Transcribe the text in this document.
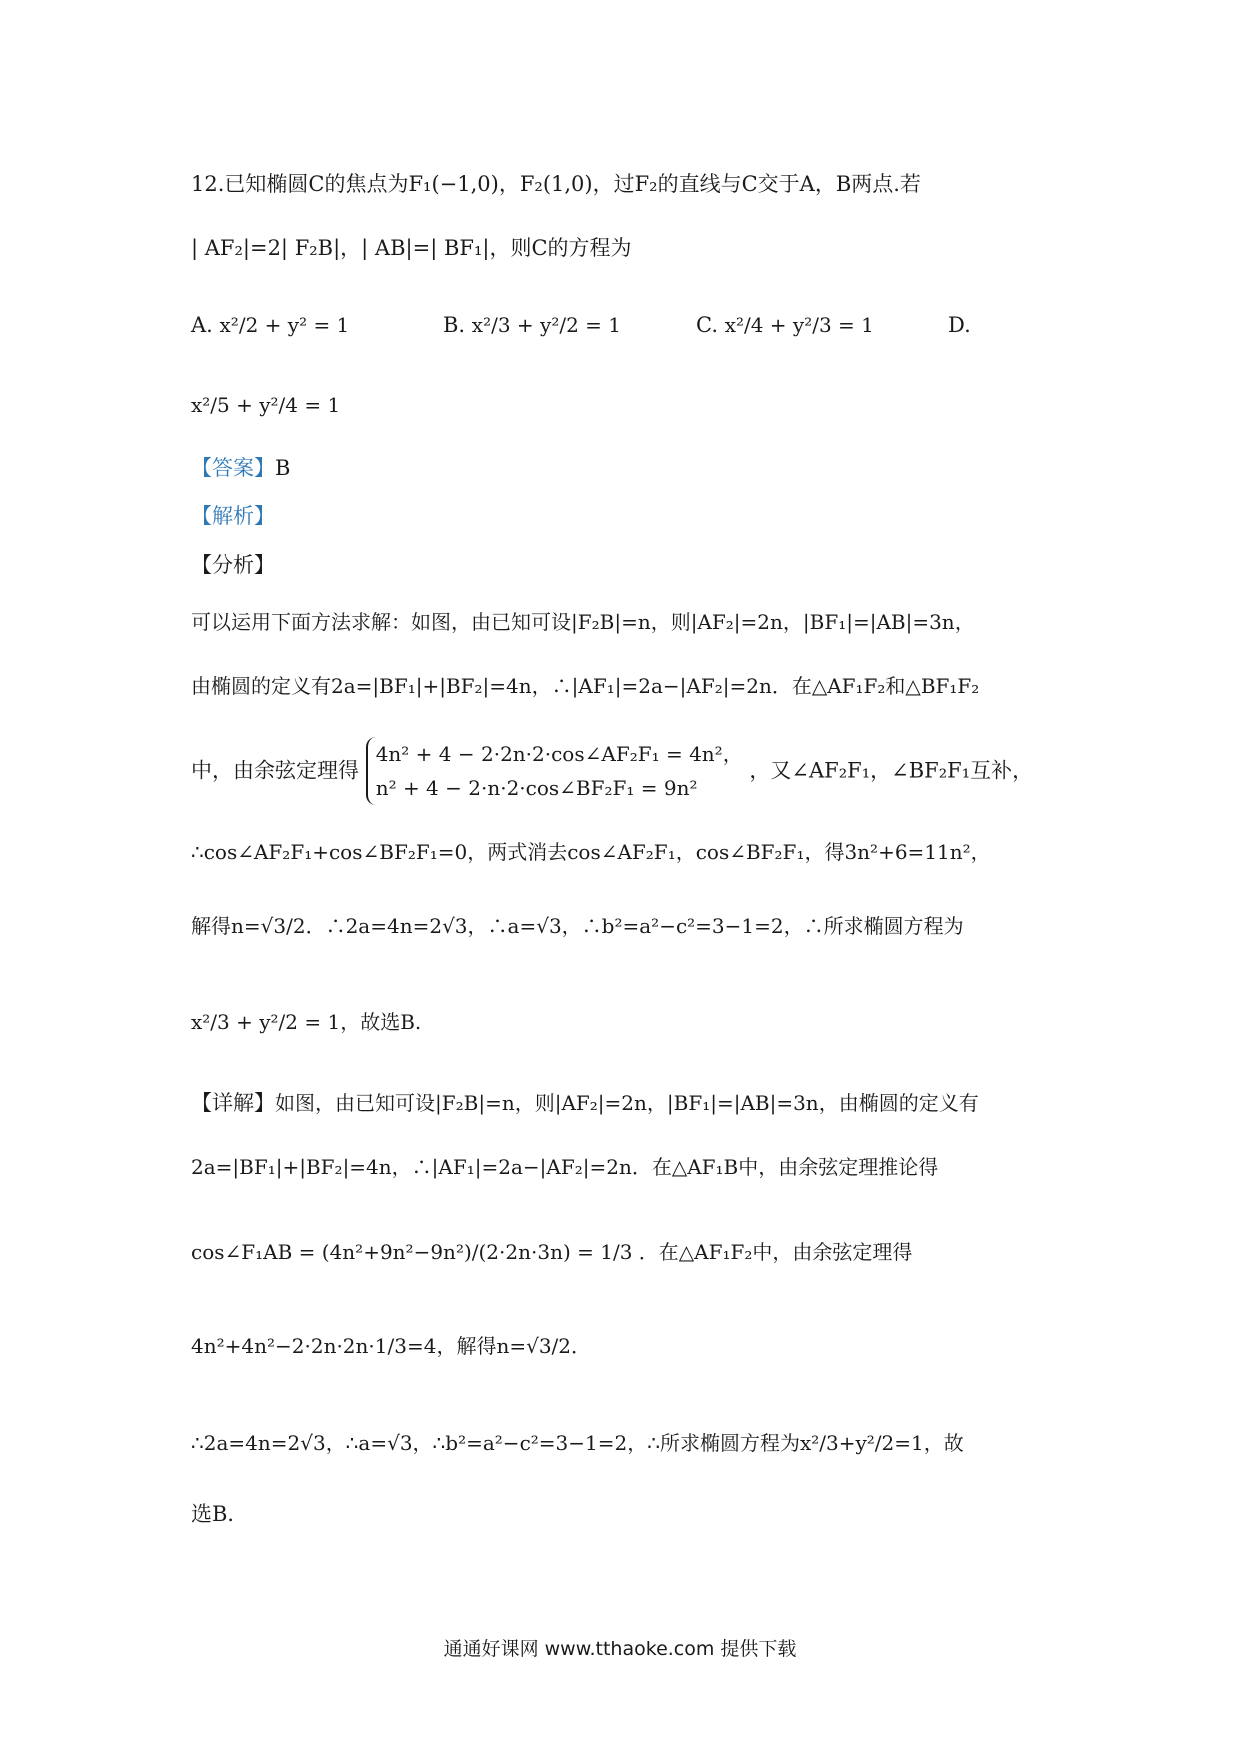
12.已知椭圆C的焦点为F₁(−1,0)，F₂(1,0)，过F₂的直线与C交于A，B两点.若
| AF₂|=2| F₂B|，| AB|=| BF₁|，则C的方程为
A. x²/2 + y² = 1	B. x²/3 + y²/2 = 1	C. x²/4 + y²/3 = 1	D.
x²/5 + y²/4 = 1
【答案】B
【解析】
【分析】
可以运用下面方法求解：如图，由已知可设|F₂B|=n，则|AF₂|=2n，|BF₁|=|AB|=3n，
由椭圆的定义有2a=|BF₁|+|BF₂|=4n，∴|AF₁|=2a−|AF₂|=2n．在△AF₁F₂和△BF₁F₂
中，由余弦定理得
4n² + 4 − 2·2n·2·cos∠AF₂F₁ = 4n²，
n² + 4 − 2·n·2·cos∠BF₂F₁ = 9n²
，又∠AF₂F₁，∠BF₂F₁互补，
∴cos∠AF₂F₁+cos∠BF₂F₁=0，两式消去cos∠AF₂F₁，cos∠BF₂F₁，得3n²+6=11n²，
解得n=√3/2．∴2a=4n=2√3，∴a=√3，∴b²=a²−c²=3−1=2，∴所求椭圆方程为
x²/3 + y²/2 = 1，故选B.
【详解】如图，由已知可设|F₂B|=n，则|AF₂|=2n，|BF₁|=|AB|=3n，由椭圆的定义有
2a=|BF₁|+|BF₂|=4n，∴|AF₁|=2a−|AF₂|=2n．在△AF₁B中，由余弦定理推论得
cos∠F₁AB = (4n²+9n²−9n²)/(2·2n·3n) = 1/3 ．在△AF₁F₂中，由余弦定理得
4n²+4n²−2·2n·2n·1/3=4，解得n=√3/2．
∴2a=4n=2√3，∴a=√3，∴b²=a²−c²=3−1=2，∴所求椭圆方程为x²/3+y²/2=1，故
选B．
通通好课网 www.tthaoke.com 提供下载
